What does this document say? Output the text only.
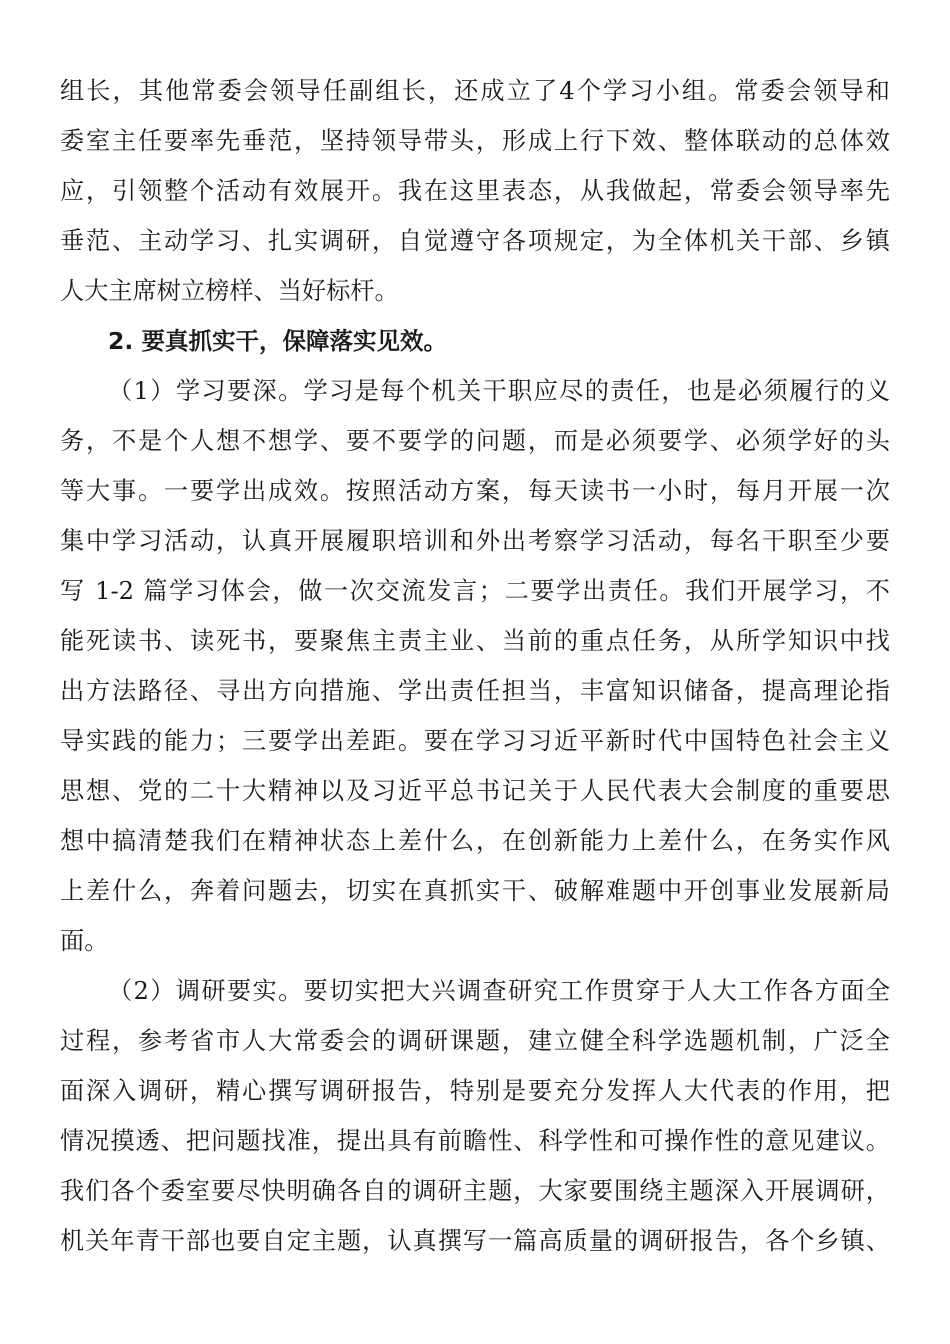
组长，其他常委会领导任副组长，还成立了4个学习小组。常委会领导和
委室主任要率先垂范，坚持领导带头，形成上行下效、整体联动的总体效
应，引领整个活动有效展开。我在这里表态，从我做起，常委会领导率先
垂范、主动学习、扎实调研，自觉遵守各项规定，为全体机关干部、乡镇
人大主席树立榜样、当好标杆。
2. 要真抓实干，保障落实见效。
（1）学习要深。学习是每个机关干职应尽的责任，也是必须履行的义
务，不是个人想不想学、要不要学的问题，而是必须要学、必须学好的头
等大事。一要学出成效。按照活动方案，每天读书一小时，每月开展一次
集中学习活动，认真开展履职培训和外出考察学习活动，每名干职至少要
写 1-2 篇学习体会，做一次交流发言；二要学出责任。我们开展学习，不
能死读书、读死书，要聚焦主责主业、当前的重点任务，从所学知识中找
出方法路径、寻出方向措施、学出责任担当，丰富知识储备，提高理论指
导实践的能力；三要学出差距。要在学习习近平新时代中国特色社会主义
思想、党的二十大精神以及习近平总书记关于人民代表大会制度的重要思
想中搞清楚我们在精神状态上差什么，在创新能力上差什么，在务实作风
上差什么，奔着问题去，切实在真抓实干、破解难题中开创事业发展新局
面。
（2）调研要实。要切实把大兴调查研究工作贯穿于人大工作各方面全
过程，参考省市人大常委会的调研课题，建立健全科学选题机制，广泛全
面深入调研，精心撰写调研报告，特别是要充分发挥人大代表的作用，把
情况摸透、把问题找准，提出具有前瞻性、科学性和可操作性的意见建议。
我们各个委室要尽快明确各自的调研主题，大家要围绕主题深入开展调研，
机关年青干部也要自定主题，认真撰写一篇高质量的调研报告，各个乡镇、
